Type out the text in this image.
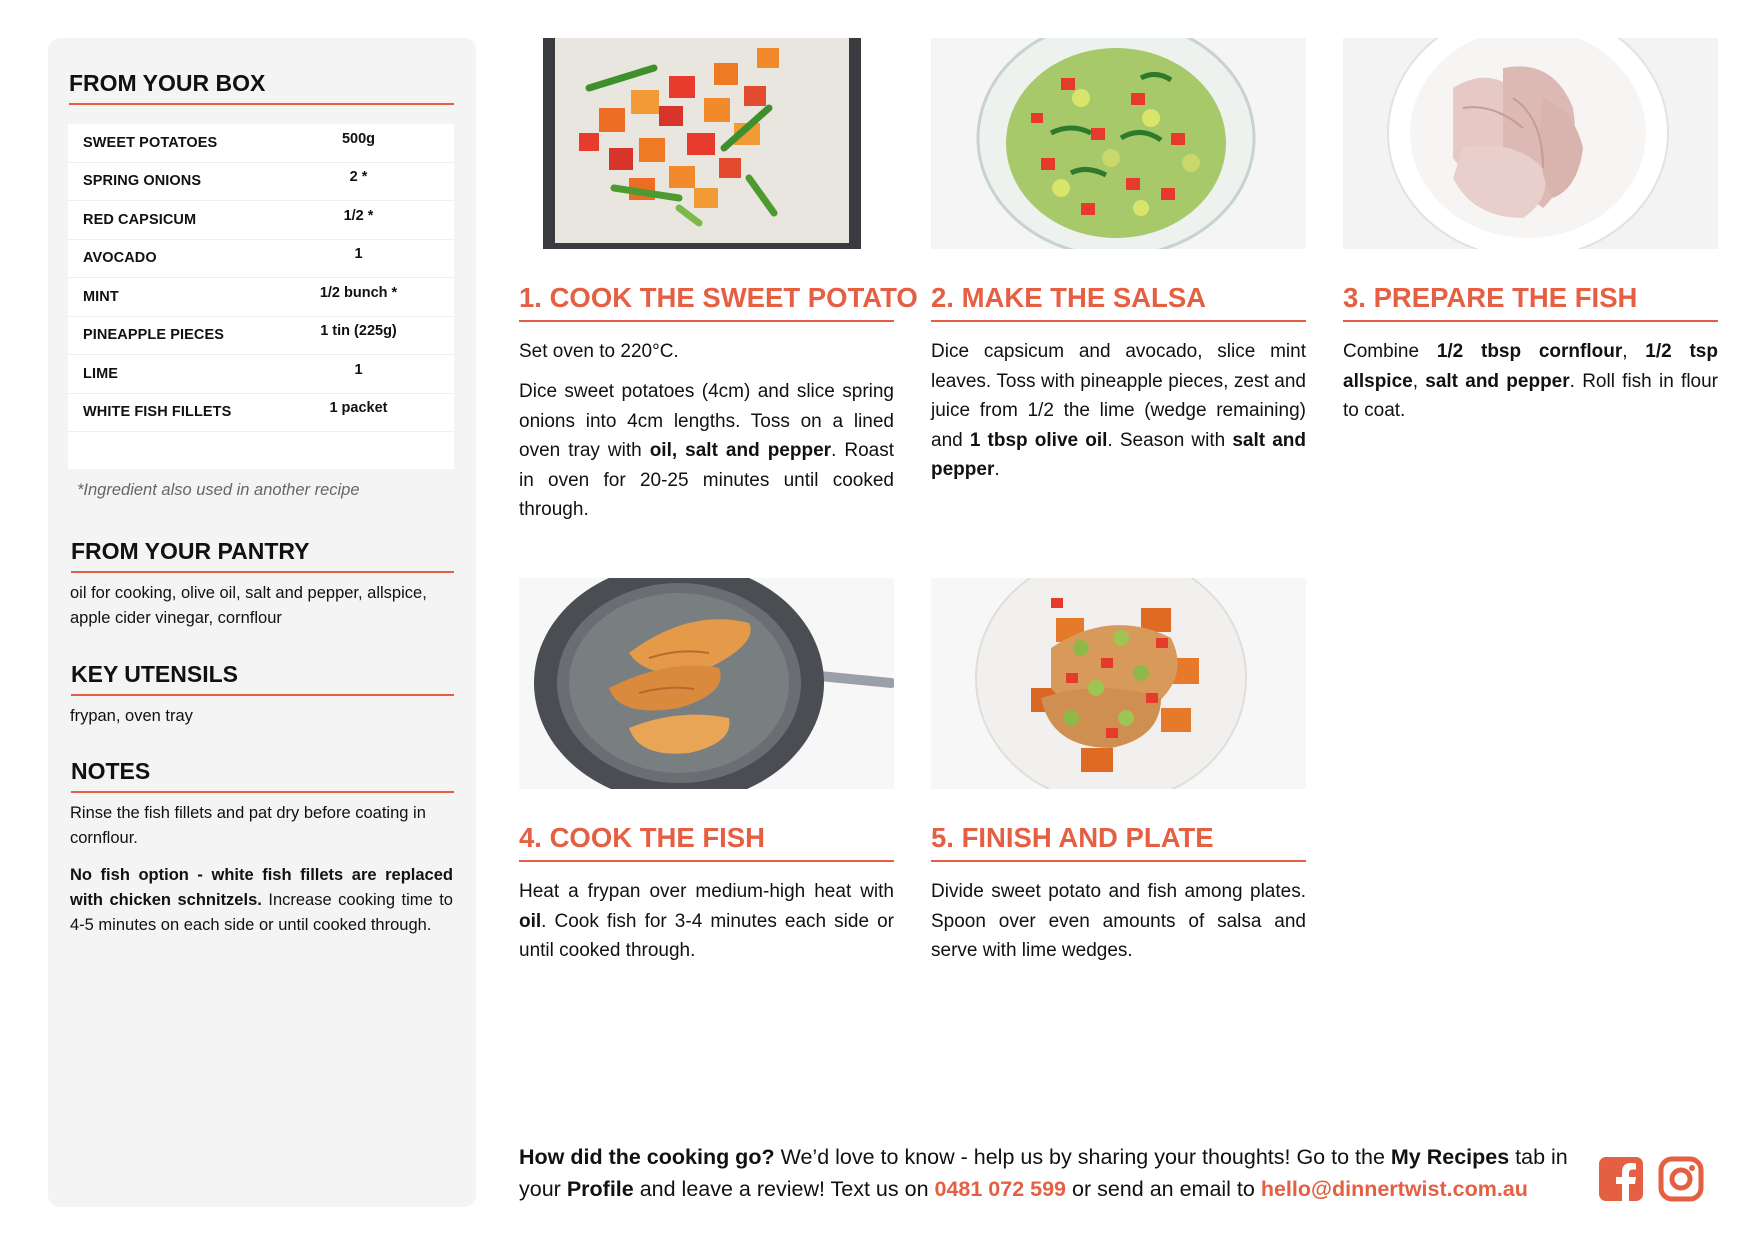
FROM YOUR BOX
SWEET POTATOES	500g
SPRING ONIONS	2 *
RED CAPSICUM	1/2 *
AVOCADO	1
MINT	1/2 bunch *
PINEAPPLE PIECES	1 tin (225g)
LIME	1
WHITE FISH FILLETS	1 packet
*Ingredient also used in another recipe
FROM YOUR PANTRY
oil for cooking, olive oil, salt and pepper, allspice, apple cider vinegar, cornflour
KEY UTENSILS
frypan, oven tray
NOTES
Rinse the fish fillets and pat dry before coating in cornflour.
No fish option - white fish fillets are replaced with chicken schnitzels. Increase cooking time to 4-5 minutes on each side or until cooked through.
1. COOK THE SWEET POTATO

Set oven to 220°C.

Dice sweet potatoes (4cm) and slice spring onions into 4cm lengths. Toss on a lined oven tray with oil, salt and pepper. Roast in oven for 20-25 minutes until cooked through.

2. MAKE THE SALSA

Dice capsicum and avocado, slice mint leaves. Toss with pineapple pieces, zest and juice from 1/2 the lime (wedge remaining) and 1 tbsp olive oil. Season with salt and pepper.

3. PREPARE THE FISH

Combine 1/2 tbsp cornflour, 1/2 tsp allspice, salt and pepper. Roll fish in flour to coat.

4. COOK THE FISH

Heat a frypan over medium-high heat with oil. Cook fish for 3-4 minutes each side or until cooked through.

5. FINISH AND PLATE

Divide sweet potato and fish among plates. Spoon over even amounts of salsa and serve with lime wedges.

How did the cooking go? We’d love to know - help us by sharing your thoughts! Go to the My Recipes tab in your Profile and leave a review! Text us on 0481 072 599 or send an email to hello@dinnertwist.com.au
